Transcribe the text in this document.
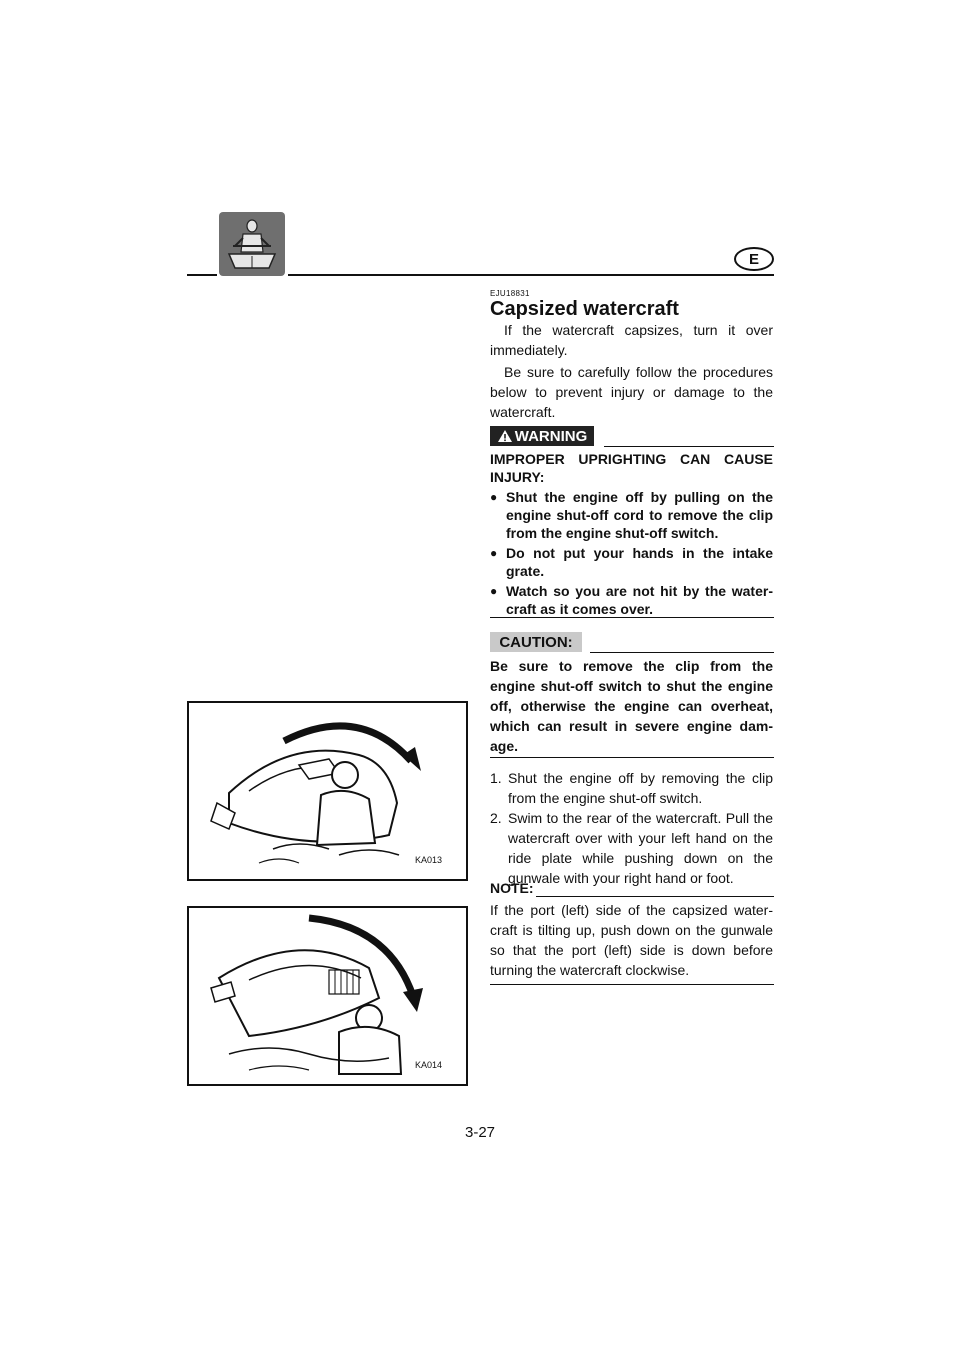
E
EJU18831
Capsized watercraft

If the watercraft capsizes, turn it over immediately.

Be sure to carefully follow the procedures below to prevent injury or damage to the watercraft.

WARNING

IMPROPER UPRIGHTING CAN CAUSE INJURY:

● Shut the engine off by pulling on the engine shut-off cord to remove the clip from the engine shut-off switch.
● Do not put your hands in the intake grate.
● Watch so you are not hit by the water-craft as it comes over.
CAUTION:

Be sure to remove the clip from the engine shut-off switch to shut the engine off, otherwise the engine can overheat, which can result in severe engine dam-age.

1. Shut the engine off by removing the clip from the engine shut-off switch.
2. Swim to the rear of the watercraft. Pull the watercraft over with your left hand on the ride plate while pushing down on the gunwale with your right hand or foot.
NOTE:

If the port (left) side of the capsized water-craft is tilting up, push down on the gunwale so that the port (left) side is down before turning the watercraft clockwise.

KA013
KA014
3-27
